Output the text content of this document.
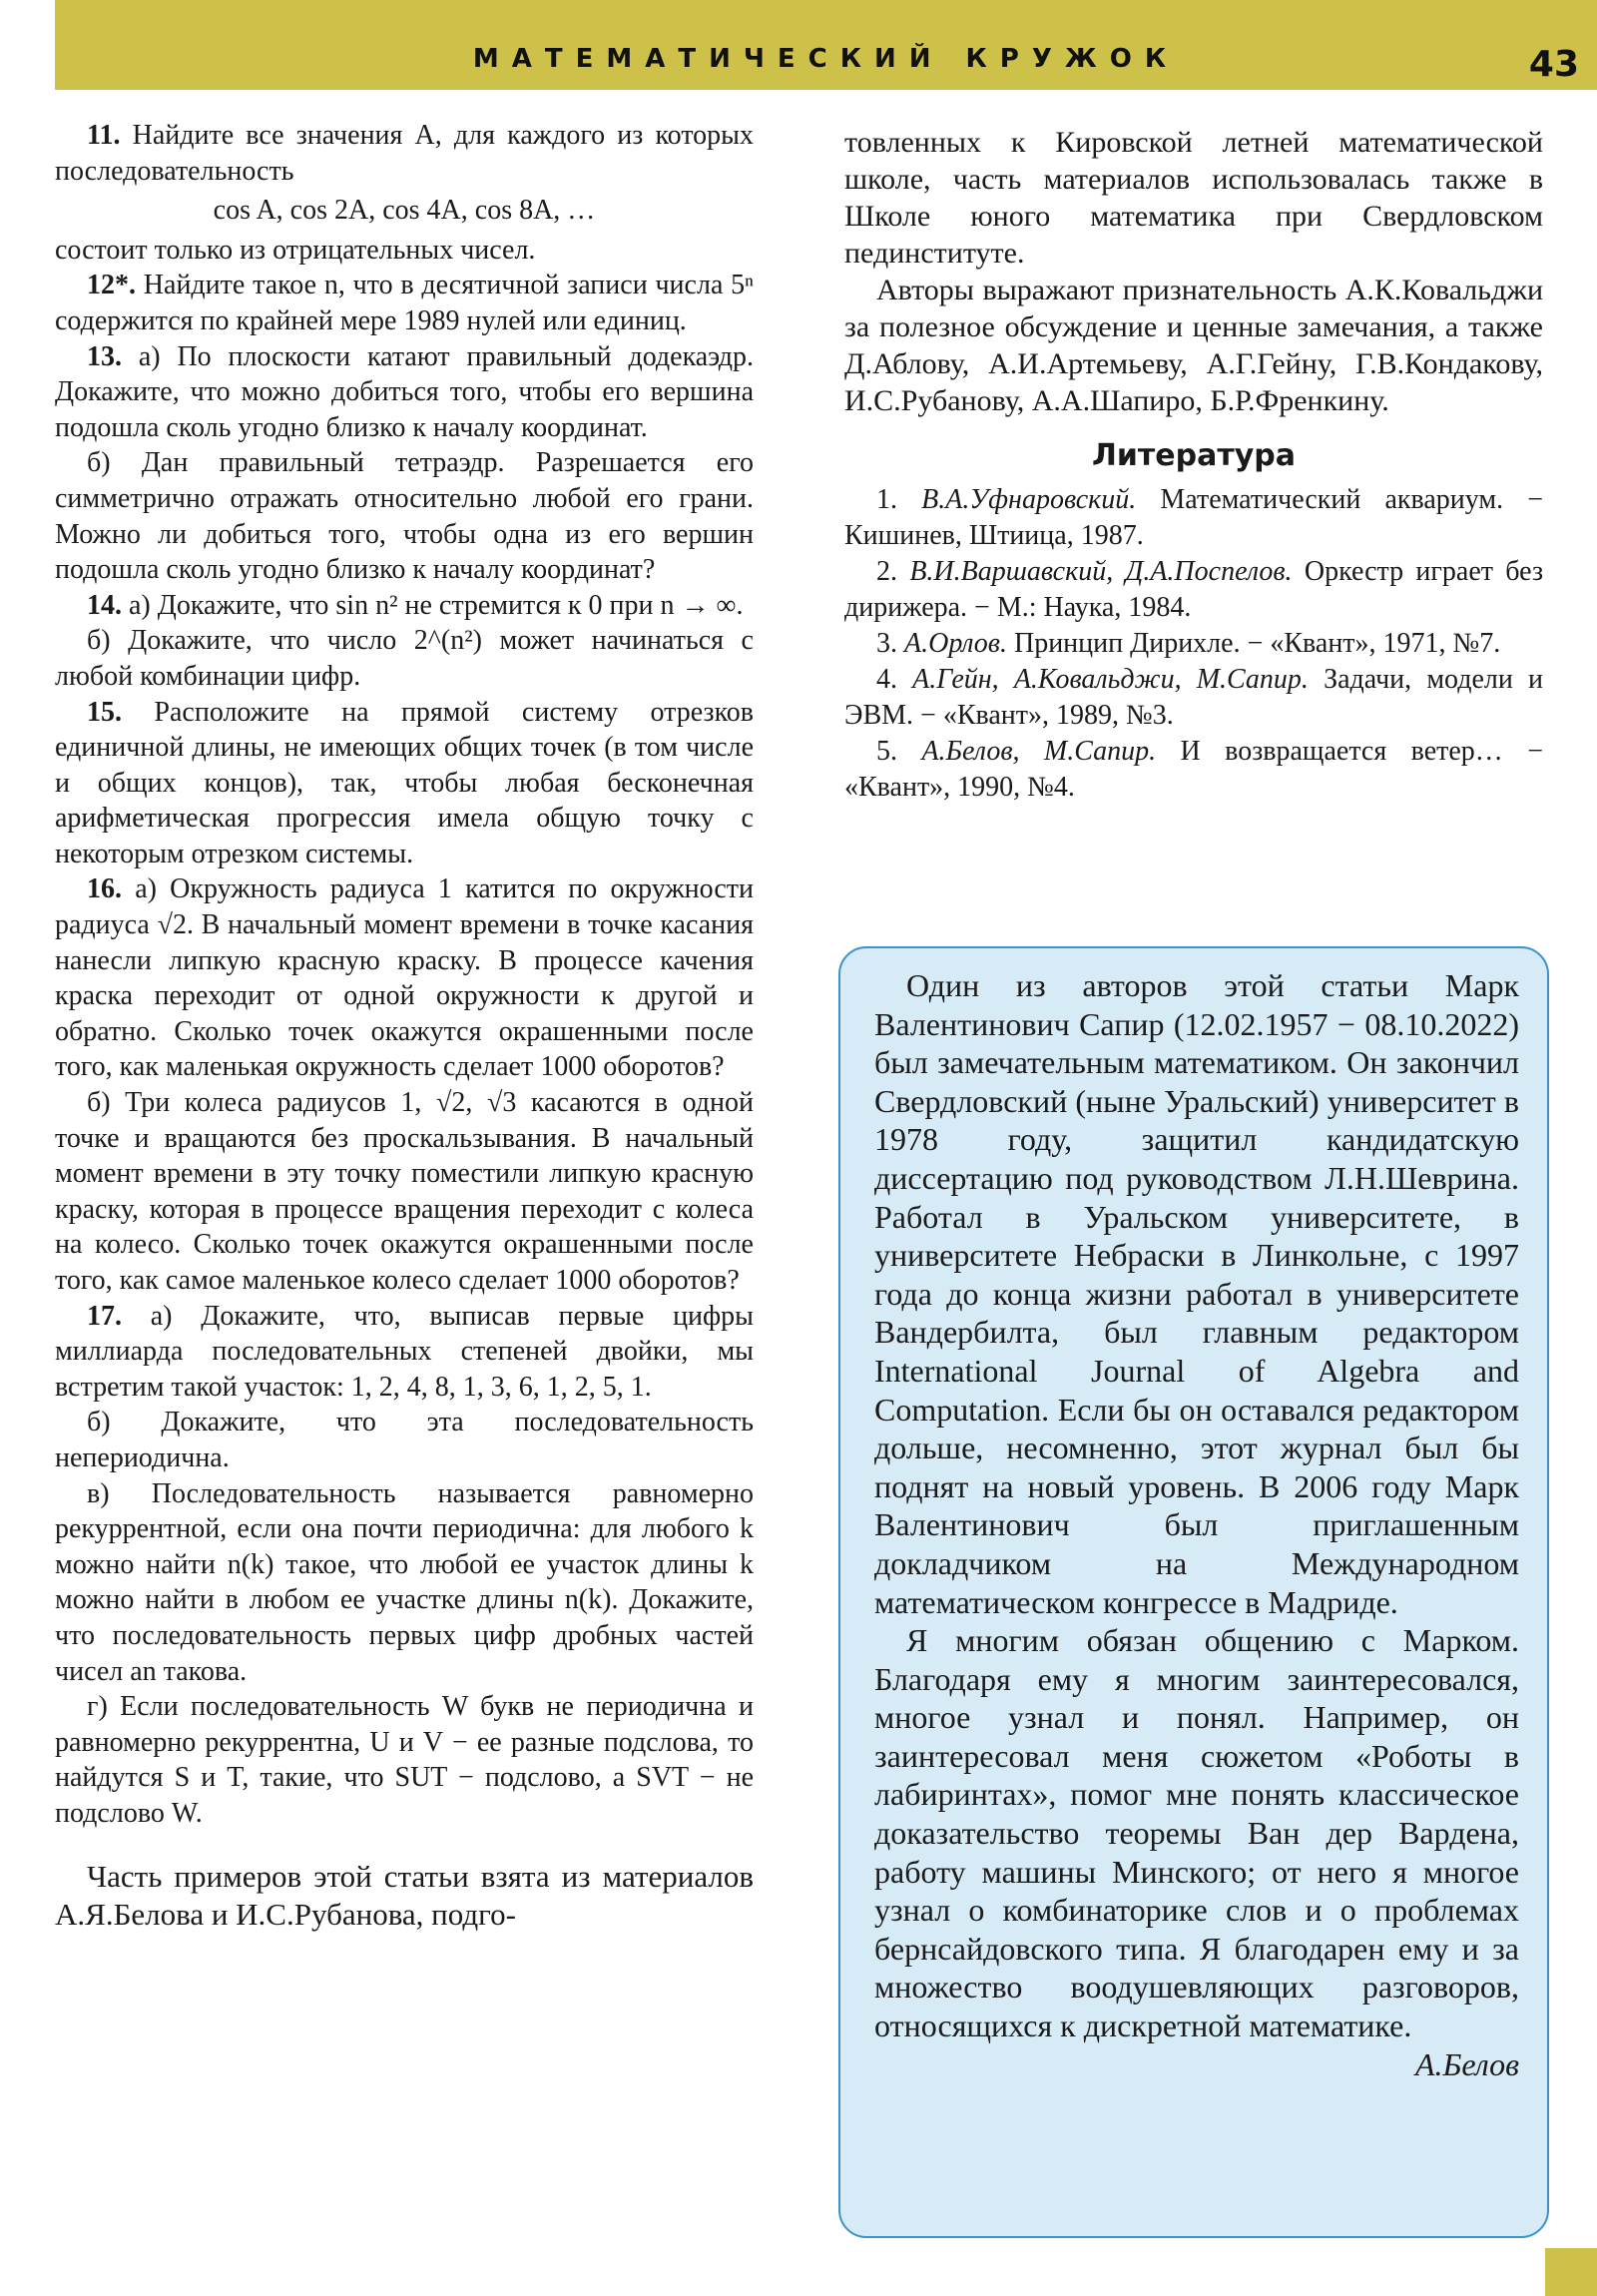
МАТЕМАТИЧЕСКИЙ КРУЖОК	43

11. Найдите все значения A, для каждого из которых последовательность

cos A, cos 2A, cos 4A, cos 8A, …

состоит только из отрицательных чисел.

12*. Найдите такое n, что в десятичной записи числа 5ⁿ содержится по крайней мере 1989 нулей или единиц.

13. а) По плоскости катают правильный додекаэдр. Докажите, что можно добиться того, чтобы его вершина подошла сколь угодно близко к началу координат.

б) Дан правильный тетраэдр. Разрешается его симметрично отражать относительно любой его грани. Можно ли добиться того, чтобы одна из его вершин подошла сколь угодно близко к началу координат?

14. а) Докажите, что sin n² не стремится к 0 при n → ∞.

б) Докажите, что число 2^(n²) может начинаться с любой комбинации цифр.

15. Расположите на прямой систему отрезков единичной длины, не имеющих общих точек (в том числе и общих концов), так, чтобы любая бесконечная арифметическая прогрессия имела общую точку с некоторым отрезком системы.

16. а) Окружность радиуса 1 катится по окружности радиуса √2. В начальный момент времени в точке касания нанесли липкую красную краску. В процессе качения краска переходит от одной окружности к другой и обратно. Сколько точек окажутся окрашенными после того, как маленькая окружность сделает 1000 оборотов?

б) Три колеса радиусов 1, √2, √3 касаются в одной точке и вращаются без проскальзывания. В начальный момент времени в эту точку поместили липкую красную краску, которая в процессе вращения переходит с колеса на колесо. Сколько точек окажутся окрашенными после того, как самое маленькое колесо сделает 1000 оборотов?

17. а) Докажите, что, выписав первые цифры миллиарда последовательных степеней двойки, мы встретим такой участок: 1, 2, 4, 8, 1, 3, 6, 1, 2, 5, 1.

б) Докажите, что эта последовательность непериодична.

в) Последовательность называется равномерно рекуррентной, если она почти периодична: для любого k можно найти n(k) такое, что любой ее участок длины k можно найти в любом ее участке длины n(k). Докажите, что последовательность первых цифр дробных частей чисел an такова.

г) Если последовательность W букв не периодична и равномерно рекуррентна, U и V − ее разные подслова, то найдутся S и T, такие, что SUT − подслово, а SVT − не подслово W.

Часть примеров этой статьи взята из материалов А.Я.Белова и И.С.Рубанова, подго-

товленных к Кировской летней математической школе, часть материалов использовалась также в Школе юного математика при Свердловском пединституте.

Авторы выражают признательность А.К.Ковальджи за полезное обсуждение и ценные замечания, а также Д.Аблову, А.И.Артемьеву, А.Г.Гейну, Г.В.Кондакову, И.С.Рубанову, А.А.Шапиро, Б.Р.Френкину.

Литература

1. В.А.Уфнаровский. Математический аквариум. − Кишинев, Штиица, 1987.

2. В.И.Варшавский, Д.А.Поспелов. Оркестр играет без дирижера. − М.: Наука, 1984.

3. А.Орлов. Принцип Дирихле. − «Квант», 1971, №7.

4. А.Гейн, А.Ковальджи, М.Сапир. Задачи, модели и ЭВМ. − «Квант», 1989, №3.

5. А.Белов, М.Сапир. И возвращается ветер… − «Квант», 1990, №4.

Один из авторов этой статьи Марк Валентинович Сапир (12.02.1957 − 08.10.2022) был замечательным математиком. Он закончил Свердловский (ныне Уральский) университет в 1978 году, защитил кандидатскую диссертацию под руководством Л.Н.Шеврина. Работал в Уральском университете, в университете Небраски в Линкольне, с 1997 года до конца жизни работал в университете Вандербилта, был главным редактором International Journal of Algebra and Computation. Если бы он оставался редактором дольше, несомненно, этот журнал был бы поднят на новый уровень. В 2006 году Марк Валентинович был приглашенным докладчиком на Международном математическом конгрессе в Мадриде.

Я многим обязан общению с Марком. Благодаря ему я многим заинтересовался, многое узнал и понял. Например, он заинтересовал меня сюжетом «Роботы в лабиринтах», помог мне понять классическое доказательство теоремы Ван дер Вардена, работу машины Минского; от него я многое узнал о комбинаторике слов и о проблемах бернсайдовского типа. Я благодарен ему и за множество воодушевляющих разговоров, относящихся к дискретной математике.

А.Белов
